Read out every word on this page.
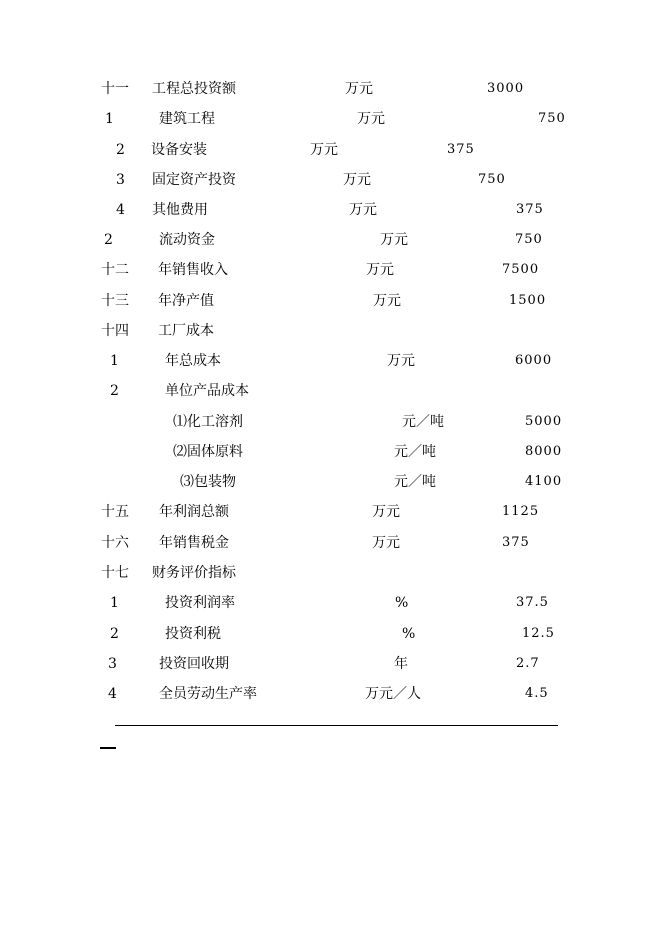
十一 工程总投资额	万元	3000
1	建筑工程	万元	750
2 设备安装	万元	375
3 固定资产投资	万元	750
4 其他费用	万元	375
2	流动资金	万元	750
十二 年销售收入	万元	7500
十三 年净产值	万元	1500
十四 工厂成本
1	年总成本	万元	6000
2	单位产品成本
⑴化工溶剂	元／吨	5000
⑵固体原料	元／吨	8000
⑶包装物	元／吨	4100
十五 年利润总额	万元	1125
十六 年销售税金	万元	375
十七 财务评价指标
1	投资利润率	%	37.5
2	投资利税	%	12.5
3	投资回收期	年	2.7
4	全员劳动生产率	万元／人	4.5
